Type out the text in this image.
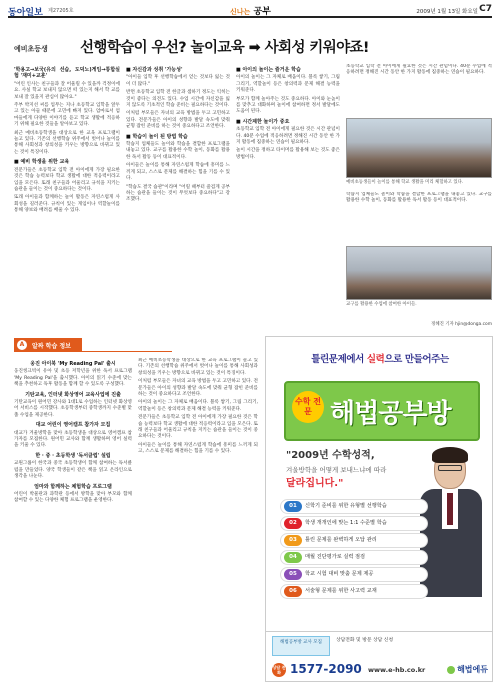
동아일보 제27205호	신나는 공부	2009년 1월 13일 화요일 C7
예비초등생 선행학습이 우선? 놀이교육 ➡ 사회성 키워야죠!

'학용고→보국(유의 선습, 도덕노)게임→통합실험 '재미+교훈'

"어린 인사는 친구들과 잘 어울릴 수 있을까 걱정이에요. 사실 학교 보내지 않으면 떠 있는지 해서 학 교를 보내 잘 있을지 관심이 많아요."

주부 박지선 씨를 업무는 지나 초등학교 입학을 앞두고 있는 아들 때문에 고민에 빠져 있다. 엄마로서 엄마들에게 다양한 이야기를 듣고 학교 생활에 적응하기 위해 필요한 것들을 알아보고 있다.

최근 예비초등학생을 대상으로 한 교육 프로그램이 늘고 있다. 기존의 선행학습 위주에서 벗어나 놀이를 통해 사회성과 창의성을 키우는 방향으로 바뀌고 있는 것이 특징이다.

■ 예비 학생을 위한 교육

전문가들은 초등학교 입학 전 아이에게 가장 필요한 것은 학습 능력보다 학교 생활에 대한 적응력이라고 입을 모은다. 또래 친구들과 어울리고 규칙을 지키는 습관을 들이는 것이 중요하다는 것이다.

또래 아이들과 함께하는 놀이 활동은 자연스럽게 사회성을 길러준다. 규칙이 있는 게임이나 역할놀이를 통해 양보와 배려를 배울 수 있다.

■ 자신감과 성취 '가능성'

"아이들 입학 후 선행학습에서 얻는 것보다 잃는 것이 더 많다."

반면 초등학교 입학 전 한글과 셈하기 정도는 익히는 것이 좋다는 의견도 있다. 수업 시간에 자신감을 잃지 않도록 기초적인 학습 준비는 필요하다는 것이다.

이처럼 부모들은 자녀의 교육 방법을 두고 고민하고 있다. 전문가들은 아이의 성향과 발달 속도에 맞춰 균형 잡힌 준비를 하는 것이 중요하다고 조언한다.

■ 학습이 놀이 된 방법 학습

학습지 업체들도 놀이와 학습을 결합한 프로그램을 내놓고 있다. 교구를 활용한 수학 놀이, 동화를 활용한 독서 활동 등이 대표적이다.

아이들은 놀이를 통해 자연스럽게 학습에 흥미를 느끼게 되고, 스스로 문제를 해결하는 힘을 기를 수 있다.

"학습도 결국 습관"이라며 "어릴 때부터 즐겁게 공부하는 습관을 들이는 것이 무엇보다 중요하다"고 강조했다.

■ 아이의 놀이는 즐거운 학습

아이의 놀이는 그 자체로 배움이다. 블록 쌓기, 그림 그리기, 역할놀이 등은 창의력과 문제 해결 능력을 키워준다.

부모가 함께 놀아주는 것도 중요하다. 아이와 눈높이를 맞추고 대화하며 놀이에 참여하면 정서 발달에도 도움이 된다.

■ 시간제한 놀이가 중요

초등학교 입학 전 아이에게 필요한 것은 시간 관념이다. 40분 수업에 적응하려면 정해진 시간 동안 한 가지 활동에 집중하는 연습이 필요하다.

놀이 시간을 정하고 타이머를 활용해 보는 것도 좋은 방법이다.

초등학교 입학 전 아이에게 필요한 것은 시간 관념이다. 40분 수업에 적응하려면 정해진 시간 동안 한 가지 활동에 집중하는 연습이 필요하다.

예비초등생들이 놀이를 통해 학교 생활을 미리 체험하고 있다.

학습지 업체들도 놀이와 학습을 결합한 프로그램을 내놓고 있다. 교구를 활용한 수학 놀이, 동화를 활용한 독서 활동 등이 대표적이다.

교구를 활용한 수업에 참여한 아이들.
정혜진 기자 hjin@donga.com
A	알짜 학습 정보

웅진 아이북 'My Reading Pal' 출시

웅진씽크빅이 유아 및 초등 저학년을 위한 독서 프로그램 'My Reading Pal'을 출시했다. 아이의 읽기 수준에 맞는 책을 추천하고 독후 활동을 함께 할 수 있도록 구성했다.

기탄교육, 인터넷 화상영어 교육사업에 진출

기탄교육이 원어민 강사와 1대1로 수업하는 인터넷 화상영어 서비스를 시작했다. 초등학생부터 중학생까지 수준별 맞춤 수업을 제공한다.

대교 어린이 영어캠프 참가자 모집

대교가 겨울방학을 맞아 초등학생을 대상으로 영어캠프 참가자를 모집한다. 원어민 교사와 함께 생활하며 영어 실력을 키울 수 있다.

한 · 중 · 초등학생 '독서클럽' 설립

교원그룹이 한국과 중국 초등학생이 함께 참여하는 독서클럽을 만들었다. 양국 학생들이 같은 책을 읽고 온라인으로 생각을 나눈다.

엄마와 함께하는 체험학습 프로그램

어린이 박물관과 과학관 등에서 방학을 맞아 부모와 함께 참여할 수 있는 다양한 체험 프로그램을 운영한다.

최근 예비초등학생을 대상으로 한 교육 프로그램이 늘고 있다. 기존의 선행학습 위주에서 벗어나 놀이를 통해 사회성과 창의성을 키우는 방향으로 바뀌고 있는 것이 특징이다.

이처럼 부모들은 자녀의 교육 방법을 두고 고민하고 있다. 전문가들은 아이의 성향과 발달 속도에 맞춰 균형 잡힌 준비를 하는 것이 중요하다고 조언한다.

아이의 놀이는 그 자체로 배움이다. 블록 쌓기, 그림 그리기, 역할놀이 등은 창의력과 문제 해결 능력을 키워준다.

전문가들은 초등학교 입학 전 아이에게 가장 필요한 것은 학습 능력보다 학교 생활에 대한 적응력이라고 입을 모은다. 또래 친구들과 어울리고 규칙을 지키는 습관을 들이는 것이 중요하다는 것이다.

아이들은 놀이를 통해 자연스럽게 학습에 흥미를 느끼게 되고, 스스로 문제를 해결하는 힘을 기를 수 있다.

틀린문제에서 실력으로 만들어주는
수학 전문 해법공부방
"2009년 수학성적,
겨울방학을 어떻게 보내느냐에 따라
달라집니다."
01	신학기 준비를 위한 유형별 선행학습
02	학생 개개인에 맞는 1:1 수준별 학습
03	틀린 문제를 완벽하게 오답 관리
04	매월 진단평가로 실력 점검
05	학교 시험 대비 맞춤 문제 제공
06	서술형 문제를 위한 사고력 교재
해법공부방 교사 모집	상담전화 및 방문 상담 신청
상담 전화 1577-2090 www.e-hb.co.kr	해법에듀
